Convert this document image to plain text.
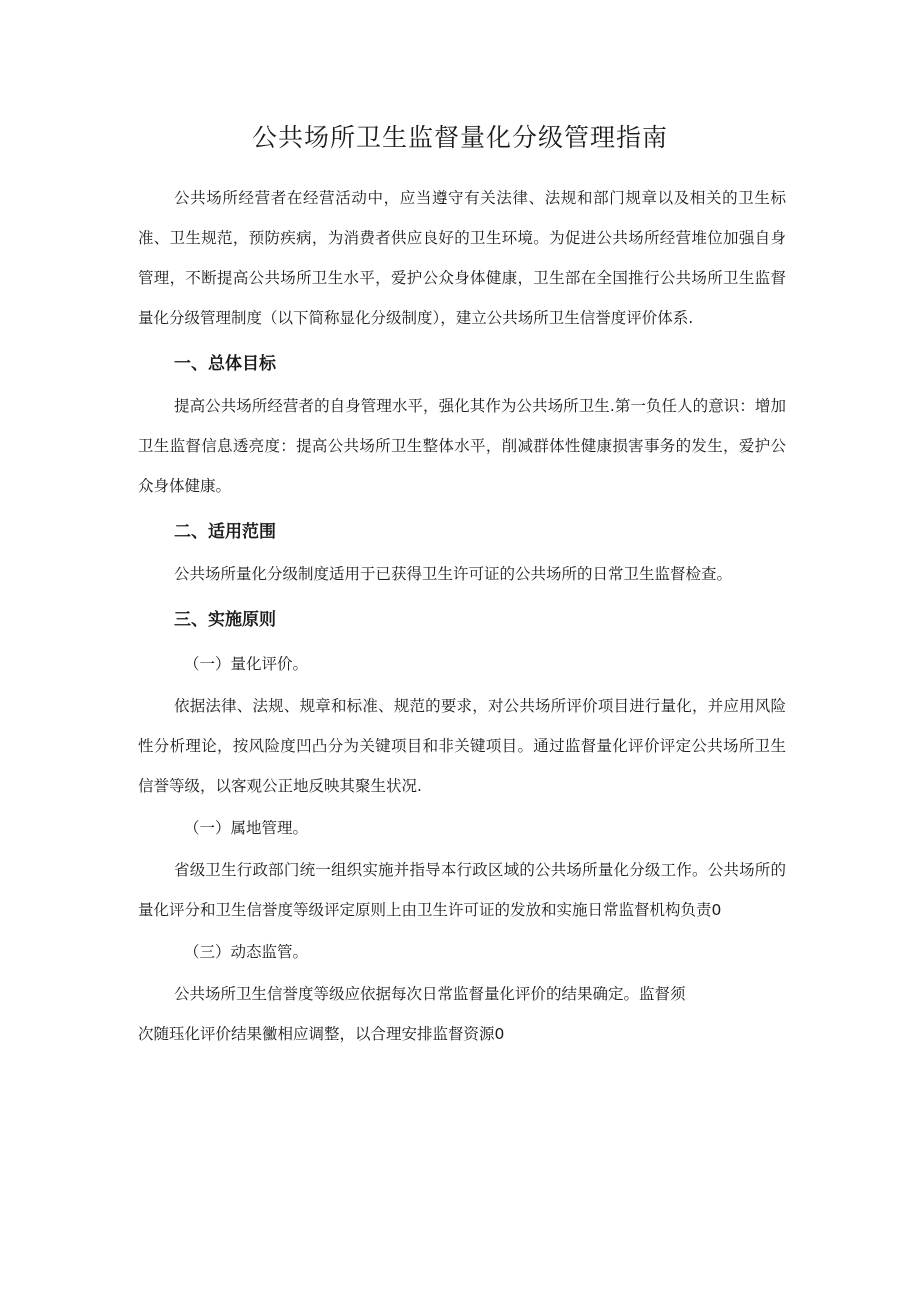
公共场所卫生监督量化分级管理指南

公共场所经营者在经营活动中，应当遵守有关法律、法规和部门规章以及相关的卫生标准、卫生规范，预防疾病，为消费者供应良好的卫生环境。为促进公共场所经营堆位加强自身管理，不断提高公共场所卫生水平，爱护公众身体健康，卫生部在全国推行公共场所卫生监督量化分级管理制度（以下简称显化分级制度），建立公共场所卫生信誉度评价体系.

一、总体目标

提高公共场所经营者的自身管理水平，强化其作为公共场所卫生.第一负任人的意识：增加卫生监督信息透亮度：提高公共场所卫生整体水平，削减群体性健康损害事务的发生，爱护公众身体健康。

二、适用范围

公共场所量化分级制度适用于已获得卫生许可证的公共场所的日常卫生监督检查。

三、实施原则

（一）量化评价。

依据法律、法规、规章和标准、规范的要求，对公共场所评价项目进行量化，并应用风险性分析理论，按风险度凹凸分为关键项目和非关键项目。通过监督量化评价评定公共场所卫生信誉等级，以客观公正地反映其聚生状况.

（一）属地管理。

省级卫生行政部门统一组织实施并指导本行政区域的公共场所量化分级工作。公共场所的量化评分和卫生信誉度等级评定原则上由卫生许可证的发放和实施日常监督机构负责0

（三）动态监管。

公共场所卫生信誉度等级应依据每次日常监督量化评价的结果确定。监督须

次随珏化评价结果黴相应调整，以合理安排监督资源0
